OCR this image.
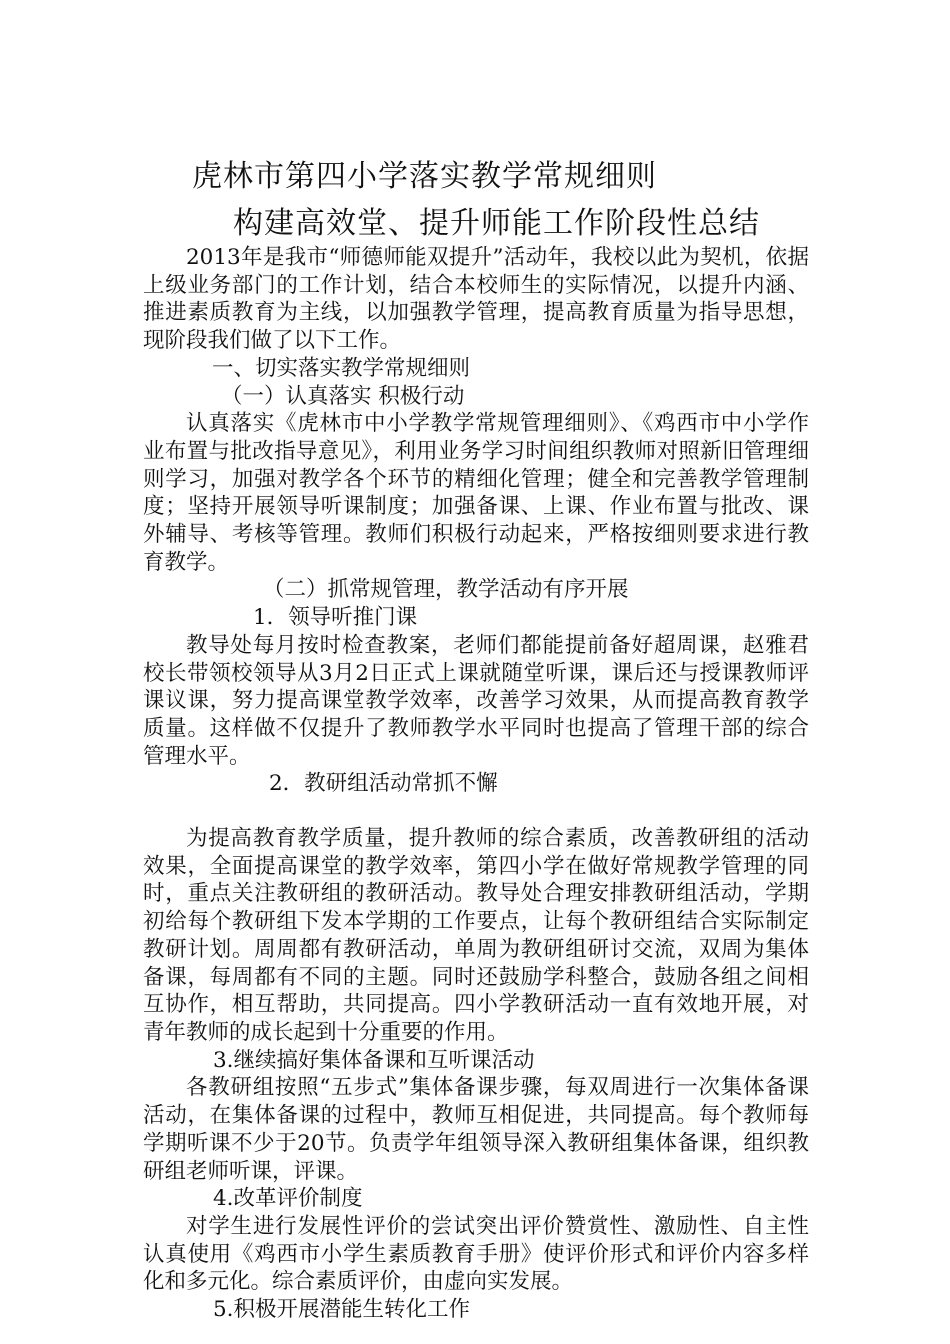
虎林市第四小学落实教学常规细则
构建高效堂、提升师能工作阶段性总结

2013年是我市“师德师能双提升”活动年，我校以此为契机，依据上级业务部门的工作计划，结合本校师生的实际情况，以提升内涵、推进素质教育为主线，以加强教学管理，提高教育质量为指导思想，现阶段我们做了以下工作。

一、切实落实教学常规细则

（一）认真落实 积极行动

认真落实《虎林市中小学教学常规管理细则》、《鸡西市中小学作业布置与批改指导意见》，利用业务学习时间组织教师对照新旧管理细则学习，加强对教学各个环节的精细化管理；健全和完善教学管理制度；坚持开展领导听课制度；加强备课、上课、作业布置与批改、课外辅导、考核等管理。教师们积极行动起来，严格按细则要求进行教育教学。

（二）抓常规管理，教学活动有序开展

1．领导听推门课

教导处每月按时检查教案，老师们都能提前备好超周课，赵雅君校长带领校领导从3月2日正式上课就随堂听课，课后还与授课教师评课议课，努力提高课堂教学效率，改善学习效果，从而提高教育教学质量。这样做不仅提升了教师教学水平同时也提高了管理干部的综合管理水平。

2．教研组活动常抓不懈

为提高教育教学质量，提升教师的综合素质，改善教研组的活动效果，全面提高课堂的教学效率，第四小学在做好常规教学管理的同时，重点关注教研组的教研活动。教导处合理安排教研组活动，学期初给每个教研组下发本学期的工作要点，让每个教研组结合实际制定教研计划。周周都有教研活动，单周为教研组研讨交流，双周为集体备课，每周都有不同的主题。同时还鼓励学科整合，鼓励各组之间相互协作，相互帮助，共同提高。四小学教研活动一直有效地开展，对青年教师的成长起到十分重要的作用。

3.继续搞好集体备课和互听课活动

各教研组按照“五步式”集体备课步骤，每双周进行一次集体备课活动，在集体备课的过程中，教师互相促进，共同提高。每个教师每学期听课不少于20节。负责学年组领导深入教研组集体备课，组织教研组老师听课，评课。

4.改革评价制度

对学生进行发展性评价的尝试突出评价赞赏性、激励性、自主性认真使用《鸡西市小学生素质教育手册》使评价形式和评价内容多样化和多元化。综合素质评价，由虚向实发展。

5.积极开展潜能生转化工作
